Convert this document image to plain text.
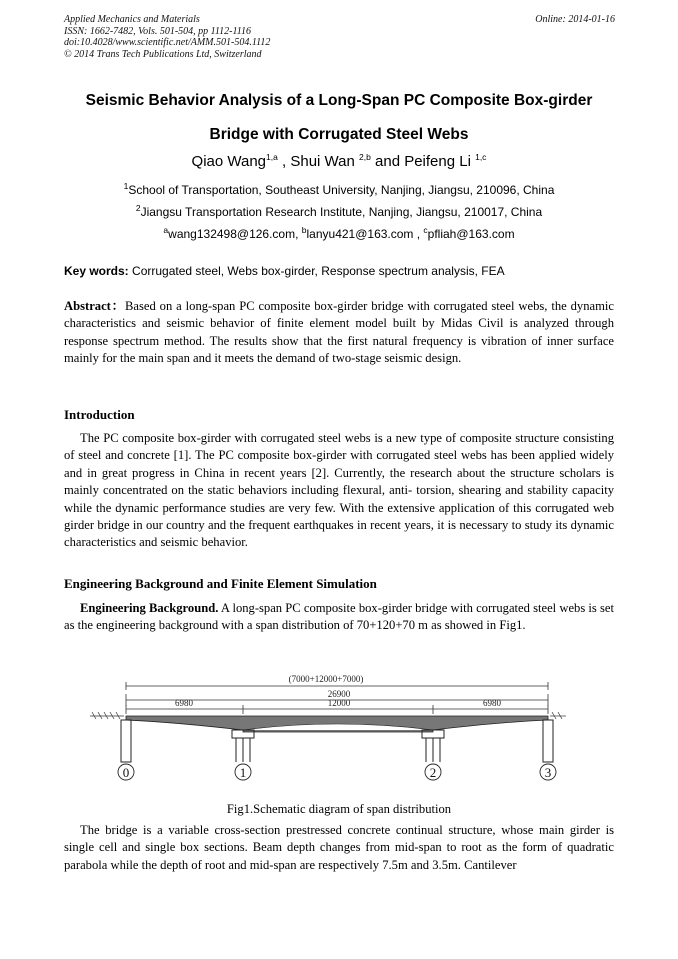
Applied Mechanics and Materials
ISSN: 1662-7482, Vols. 501-504, pp 1112-1116
doi:10.4028/www.scientific.net/AMM.501-504.1112
© 2014 Trans Tech Publications Ltd, Switzerland
Online: 2014-01-16
Seismic Behavior Analysis of a Long-Span PC Composite Box-girder
Bridge with Corrugated Steel Webs
Qiao Wang$^{1,a}$ , Shui Wan $^{2,b}$ and Peifeng Li $^{1,c}$
$^1$School of Transportation, Southeast University, Nanjing, Jiangsu, 210096, China
$^2$Jiangsu Transportation Research Institute, Nanjing, Jiangsu, 210017, China
$^a$wang132498@126.com, $^b$lanyu421@163.com , $^c$pfliah@163.com
Key words: Corrugated steel, Webs box-girder, Response spectrum analysis, FEA
Abstract：Based on a long-span PC composite box-girder bridge with corrugated steel webs, the dynamic characteristics and seismic behavior of finite element model built by Midas Civil is analyzed through response spectrum method. The results show that the first natural frequency is vibration of inner surface mainly for the main span and it meets the demand of two-stage seismic design.
Introduction
The PC composite box-girder with corrugated steel webs is a new type of composite structure consisting of steel and concrete [1]. The PC composite box-girder with corrugated steel webs has been applied widely and in great progress in China in recent years [2]. Currently, the research about the structure scholars is mainly concentrated on the static behaviors including flexural, anti- torsion, shearing and stability capacity while the dynamic performance studies are very few. With the extensive application of this corrugated web girder bridge in our country and the frequent earthquakes in recent years, it is necessary to study its dynamic characteristics and seismic behavior.
Engineering Background and Finite Element Simulation
Engineering Background. A long-span PC composite box-girder bridge with corrugated steel webs is set as the engineering background with a span distribution of 70+120+70 m as showed in Fig1.
(7000+12000+7000)
26900
6980	12000	6980
0	1	2	3
Fig1.Schematic diagram of span distribution
The bridge is a variable cross-section prestressed concrete continual structure, whose main girder is single cell and single box sections. Beam depth changes from mid-span to root as the form of quadratic parabola while the depth of root and mid-span are respectively 7.5m and 3.5m. Cantilever
